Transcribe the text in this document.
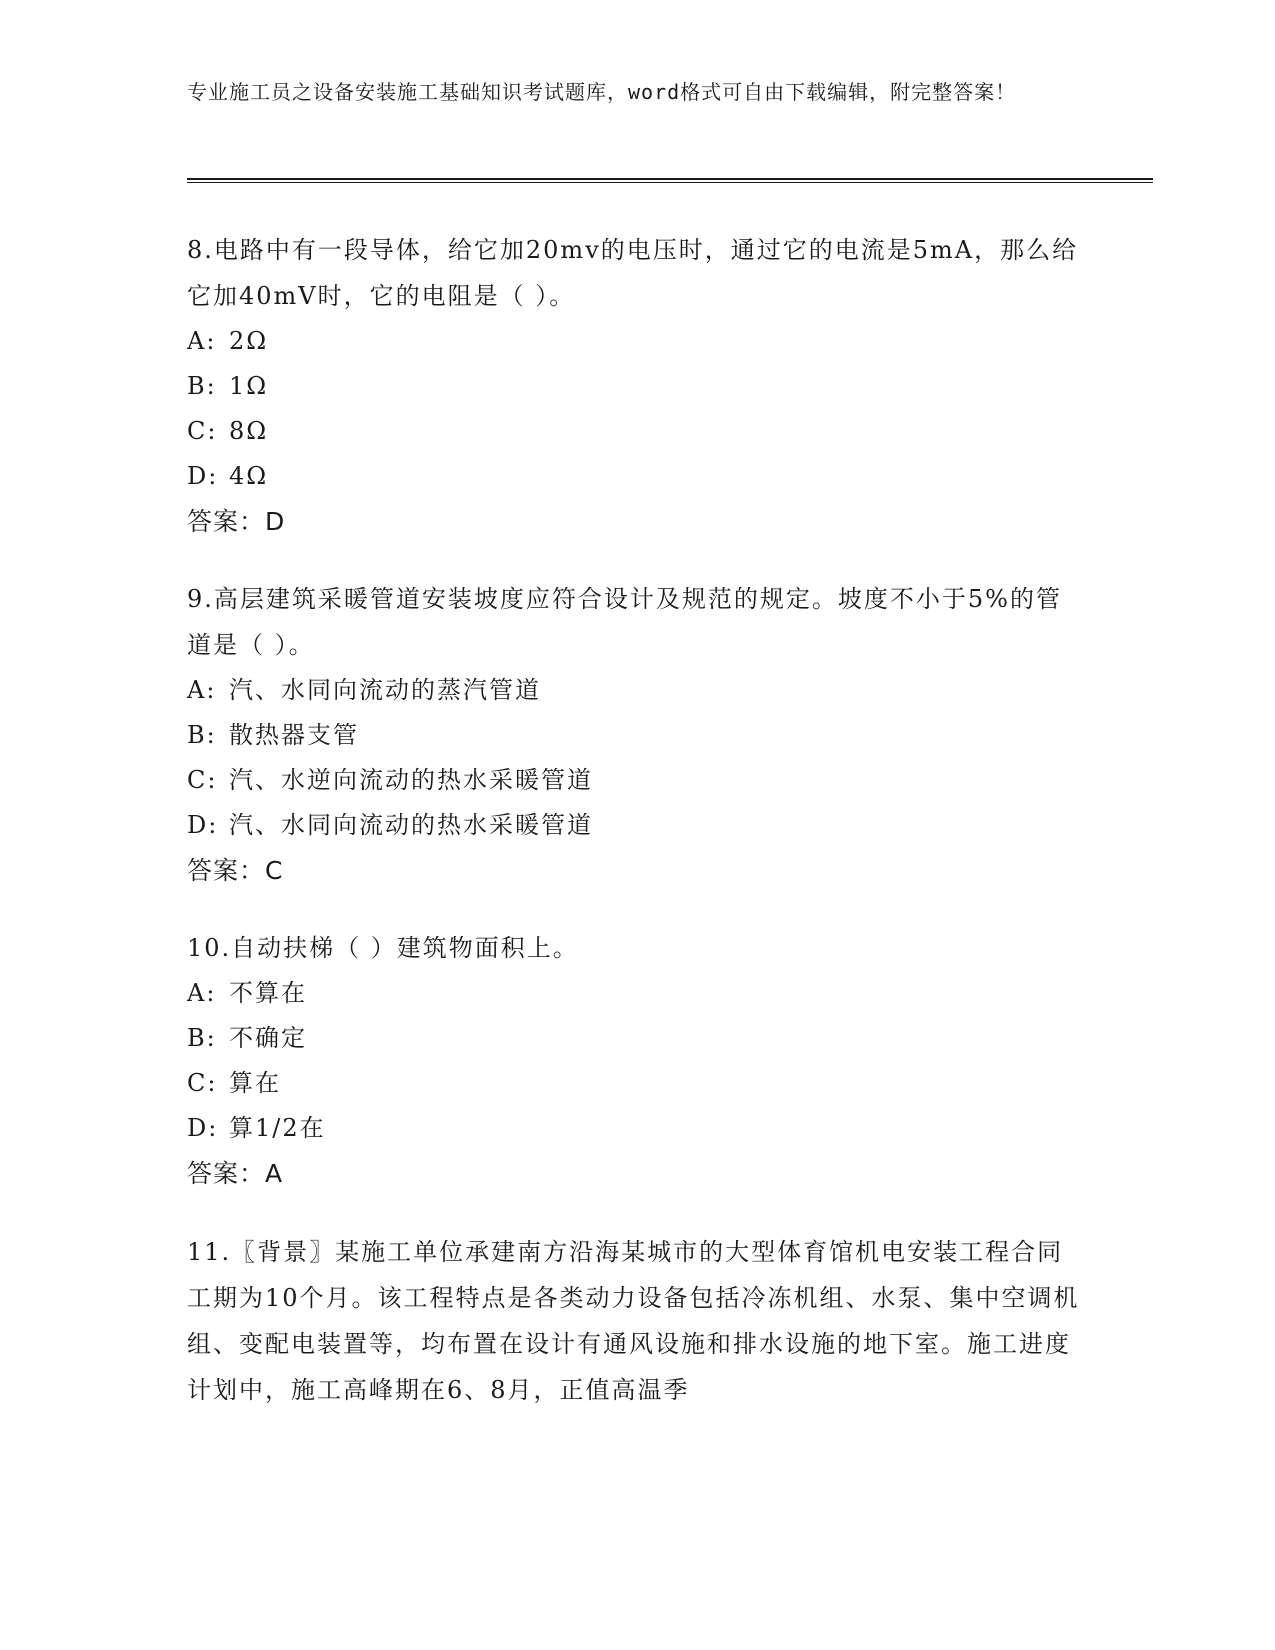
专业施工员之设备安装施工基础知识考试题库，word格式可自由下载编辑，附完整答案！

8.电路中有一段导体，给它加20mv的电压时，通过它的电流是5mA，那么给它加40mV时，它的电阻是（ ）。

A: 2Ω

B: 1Ω

C: 8Ω

D: 4Ω

答案：D

9.高层建筑采暖管道安装坡度应符合设计及规范的规定。坡度不小于5%的管道是（ ）。

A: 汽、水同向流动的蒸汽管道

B: 散热器支管

C: 汽、水逆向流动的热水采暖管道

D: 汽、水同向流动的热水采暖管道

答案：C

10.自动扶梯（ ）建筑物面积上。

A: 不算在

B: 不确定

C: 算在

D: 算1/2在

答案：A

11.〖背景〗某施工单位承建南方沿海某城市的大型体育馆机电安装工程合同工期为10个月。该工程特点是各类动力设备包括冷冻机组、水泵、集中空调机组、变配电装置等，均布置在设计有通风设施和排水设施的地下室。施工进度计划中，施工高峰期在6、8月，正值高温季
